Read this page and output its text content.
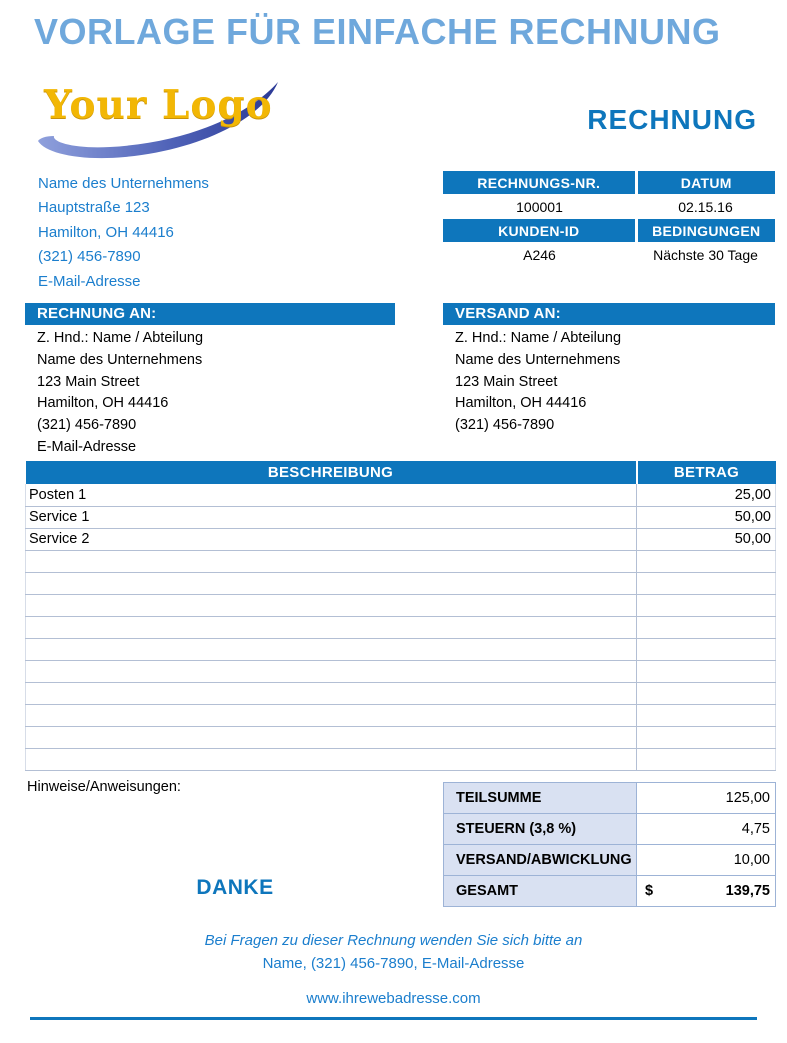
VORLAGE FÜR EINFACHE RECHNUNG
Your Logo	RECHNUNG
Name des Unternehmens
Hauptstraße 123
Hamilton, OH 44416
(321) 456-7890
E-Mail-Adresse
RECHNUNGS-NR.	DATUM
100001	02.15.16
KUNDEN-ID	BEDINGUNGEN
A246	Nächste 30 Tage
RECHNUNG AN:
Z. Hnd.: Name / Abteilung
Name des Unternehmens
123 Main Street
Hamilton, OH 44416
(321) 456-7890
E-Mail-Adresse
VERSAND AN:
Z. Hnd.: Name / Abteilung
Name des Unternehmens
123 Main Street
Hamilton, OH 44416
(321) 456-7890
BESCHREIBUNG	BETRAG
Posten 1	25,00
Service 1	50,00
Service 2	50,00

Hinweise/Anweisungen:
DANKE
TEILSUMME	125,00
STEUERN (3,8 %)	4,75
VERSAND/ABWICKLUNG	10,00
GESAMT	$ 139,75
Bei Fragen zu dieser Rechnung wenden Sie sich bitte an
Name, (321) 456-7890, E-Mail-Adresse
www.ihrewebadresse.com
